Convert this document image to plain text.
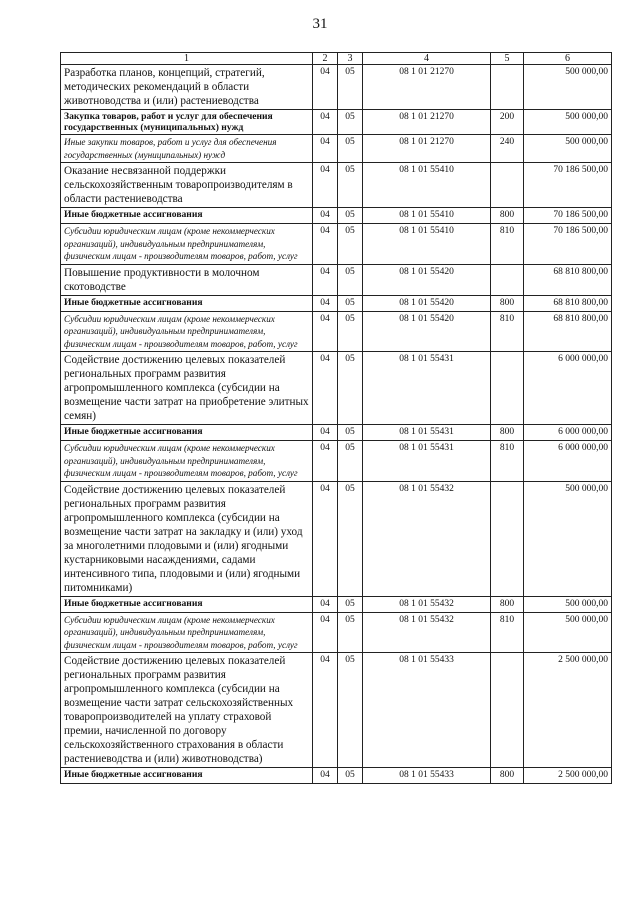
31
1	2	3	4	5	6
Разработка планов, концепций, стратегий, методических рекомендаций в области животноводства и (или) растениеводства	04	05	08 1 01 21270		500 000,00
Закупка товаров, работ и услуг для обеспечения государственных (муниципальных) нужд	04	05	08 1 01 21270	200	500 000,00
Иные закупки товаров, работ и услуг для обеспечения государственных (муниципальных) нужд	04	05	08 1 01 21270	240	500 000,00
Оказание несвязанной поддержки сельскохозяйственным товаропроизводителям в области растениеводства	04	05	08 1 01 55410		70 186 500,00
Иные бюджетные ассигнования	04	05	08 1 01 55410	800	70 186 500,00
Субсидии юридическим лицам (кроме некоммерческих организаций), индивидуальным предпринимателям, физическим лицам - производителям товаров, работ, услуг	04	05	08 1 01 55410	810	70 186 500,00
Повышение продуктивности в молочном скотоводстве	04	05	08 1 01 55420		68 810 800,00
Иные бюджетные ассигнования	04	05	08 1 01 55420	800	68 810 800,00
Субсидии юридическим лицам (кроме некоммерческих организаций), индивидуальным предпринимателям, физическим лицам - производителям товаров, работ, услуг	04	05	08 1 01 55420	810	68 810 800,00
Содействие достижению целевых показателей региональных программ развития агропромышленного комплекса (субсидии на возмещение части затрат на приобретение элитных семян)	04	05	08 1 01 55431		6 000 000,00
Иные бюджетные ассигнования	04	05	08 1 01 55431	800	6 000 000,00
Субсидии юридическим лицам (кроме некоммерческих организаций), индивидуальным предпринимателям, физическим лицам - производителям товаров, работ, услуг	04	05	08 1 01 55431	810	6 000 000,00
Содействие достижению целевых показателей региональных программ развития агропромышленного комплекса (субсидии на возмещение части затрат на закладку и (или) уход за многолетними плодовыми и (или) ягодными кустарниковыми насаждениями, садами интенсивного типа, плодовыми и (или) ягодными питомниками)	04	05	08 1 01 55432		500 000,00
Иные бюджетные ассигнования	04	05	08 1 01 55432	800	500 000,00
Субсидии юридическим лицам (кроме некоммерческих организаций), индивидуальным предпринимателям, физическим лицам - производителям товаров, работ, услуг	04	05	08 1 01 55432	810	500 000,00
Содействие достижению целевых показателей региональных программ развития агропромышленного комплекса (субсидии на возмещение части затрат сельскохозяйственных товаропроизводителей на уплату страховой премии, начисленной по договору сельскохозяйственного страхования в области растениеводства и (или) животноводства)	04	05	08 1 01 55433		2 500 000,00
Иные бюджетные ассигнования	04	05	08 1 01 55433	800	2 500 000,00
